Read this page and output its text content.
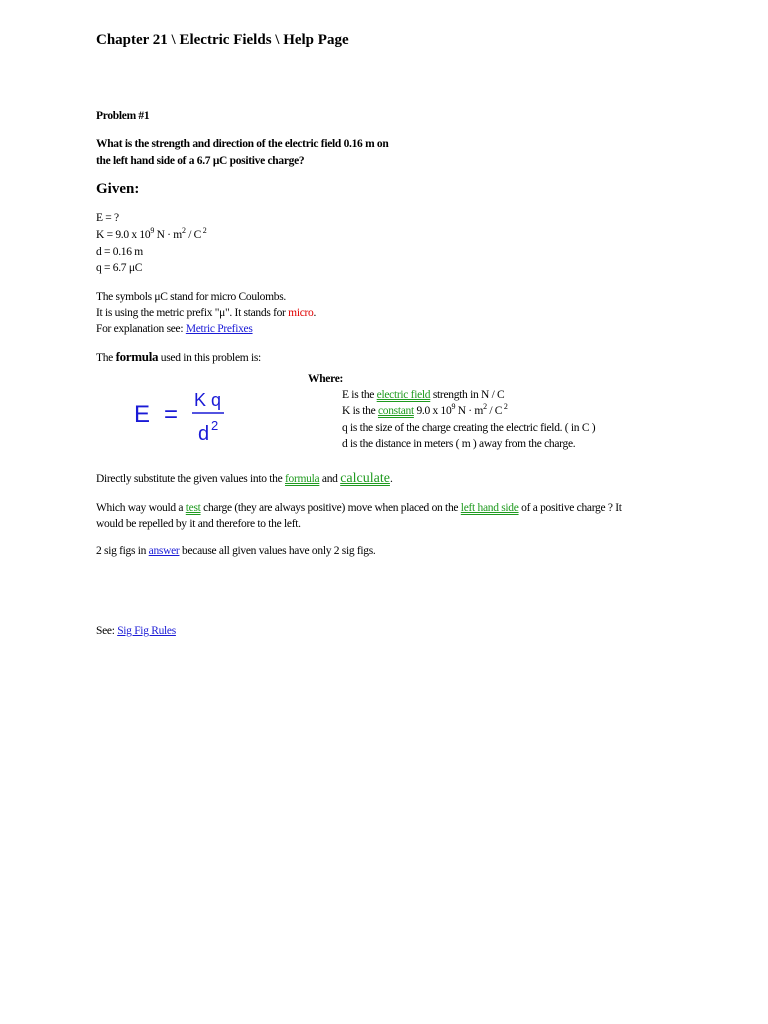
Chapter 21 \ Electric Fields \ Help Page
Problem #1
What is the strength and direction of the electric field 0.16 m on
the left hand side of a 6.7 μC positive charge?
Given:
E = ?
K = 9.0 x $10^9$ $N \cdot m^2 / C$ $^2$
d = 0.16 m
q = 6.7 μC
The symbols μC stand for micro Coulombs.
It is using the metric prefix "μ". It stands for micro.
For explanation see: Metric Prefixes
The formula used in this problem is:
E =
K q
d 2
Where:
E is the electric field strength in N / C
K is the constant 9.0 x $10^9$ $N \cdot m^2 / C$ $^2$
q is the size of the charge creating the electric field. ( in C )
d is the distance in meters ( m ) away from the charge.
Directly substitute the given values into the formula and calculate.
Which way would a test charge (they are always positive) move when placed on the left hand side of a positive charge ? It
would be repelled by it and therefore to the left.
2 sig figs in answer because all given values have only 2 sig figs.
See: Sig Fig Rules
